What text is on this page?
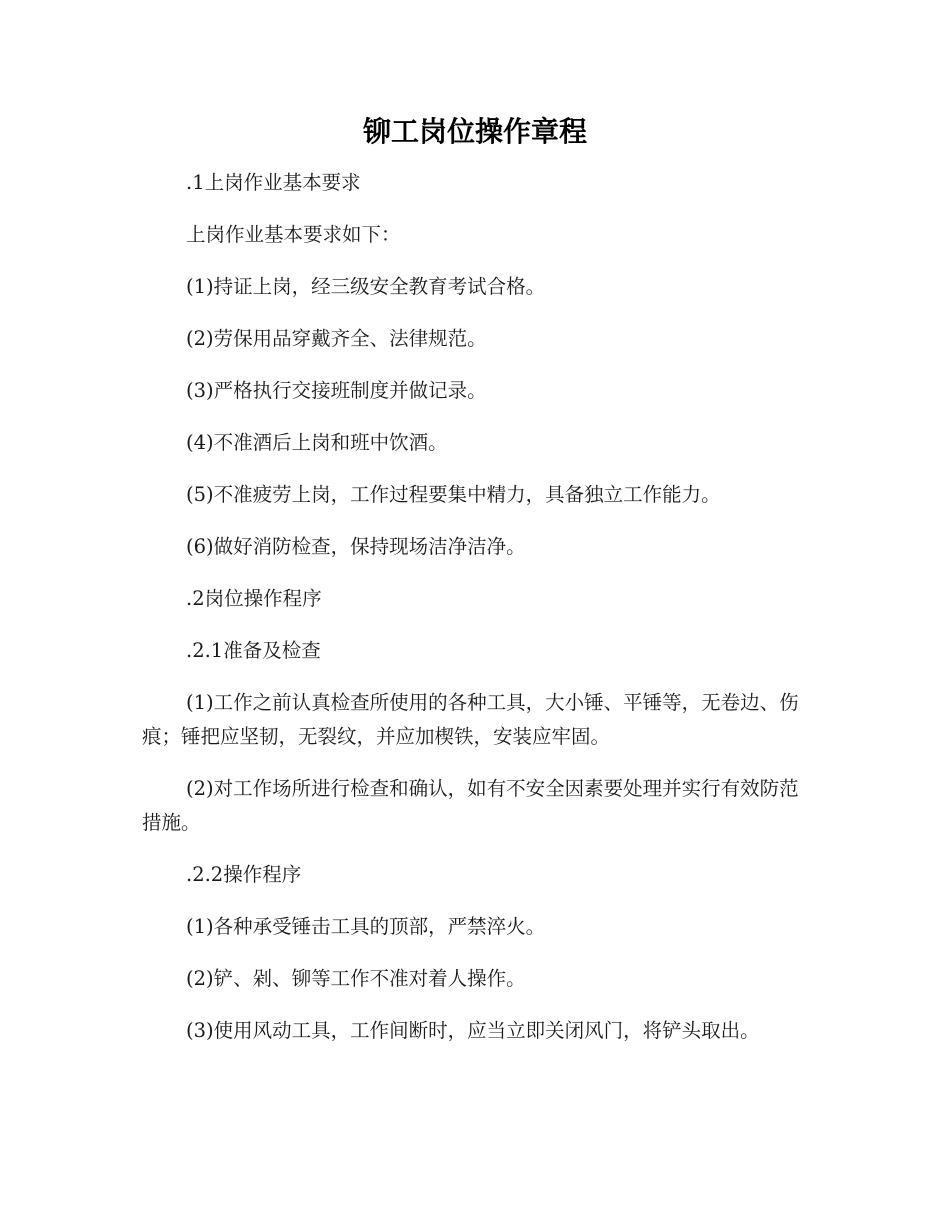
铆工岗位操作章程

.1上岗作业基本要求

上岗作业基本要求如下：

(1)持证上岗，经三级安全教育考试合格。

(2)劳保用品穿戴齐全、法律规范。

(3)严格执行交接班制度并做记录。

(4)不准酒后上岗和班中饮酒。

(5)不准疲劳上岗，工作过程要集中精力，具备独立工作能力。

(6)做好消防检查，保持现场洁净洁净。

.2岗位操作程序

.2.1准备及检查

(1)工作之前认真检查所使用的各种工具，大小锤、平锤等，无卷边、伤痕；锤把应坚韧，无裂纹，并应加楔铁，安装应牢固。

(2)对工作场所进行检查和确认，如有不安全因素要处理并实行有效防范措施。

.2.2操作程序

(1)各种承受锤击工具的顶部，严禁淬火。

(2)铲、剁、铆等工作不准对着人操作。

(3)使用风动工具，工作间断时，应当立即关闭风门，将铲头取出。
